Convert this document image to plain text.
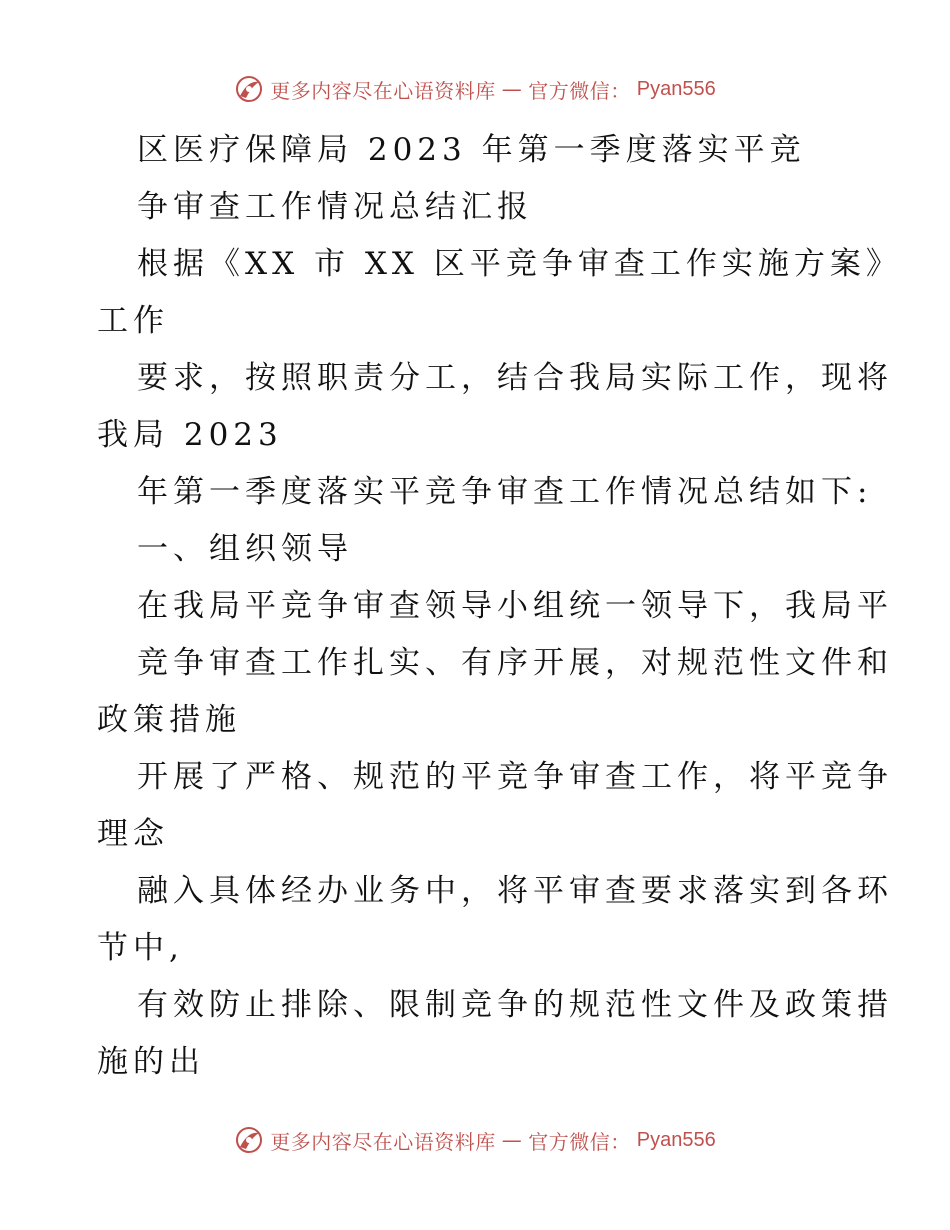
更多内容尽在心语资料库 — 官方微信： Pyan556
区医疗保障局 2023 年第一季度落实平竞
争审查工作情况总结汇报
根据《XX 市 XX 区平竞争审查工作实施方案》
工作
要求，按照职责分工，结合我局实际工作，现将
我局 2023
年第一季度落实平竞争审查工作情况总结如下:
一、组织领导
在我局平竞争审查领导小组统一领导下，我局平
竞争审查工作扎实、有序开展，对规范性文件和
政策措施
开展了严格、规范的平竞争审查工作，将平竞争
理念
融入具体经办业务中，将平审查要求落实到各环
节中,
有效防止排除、限制竞争的规范性文件及政策措
施的出
更多内容尽在心语资料库 — 官方微信： Pyan556
